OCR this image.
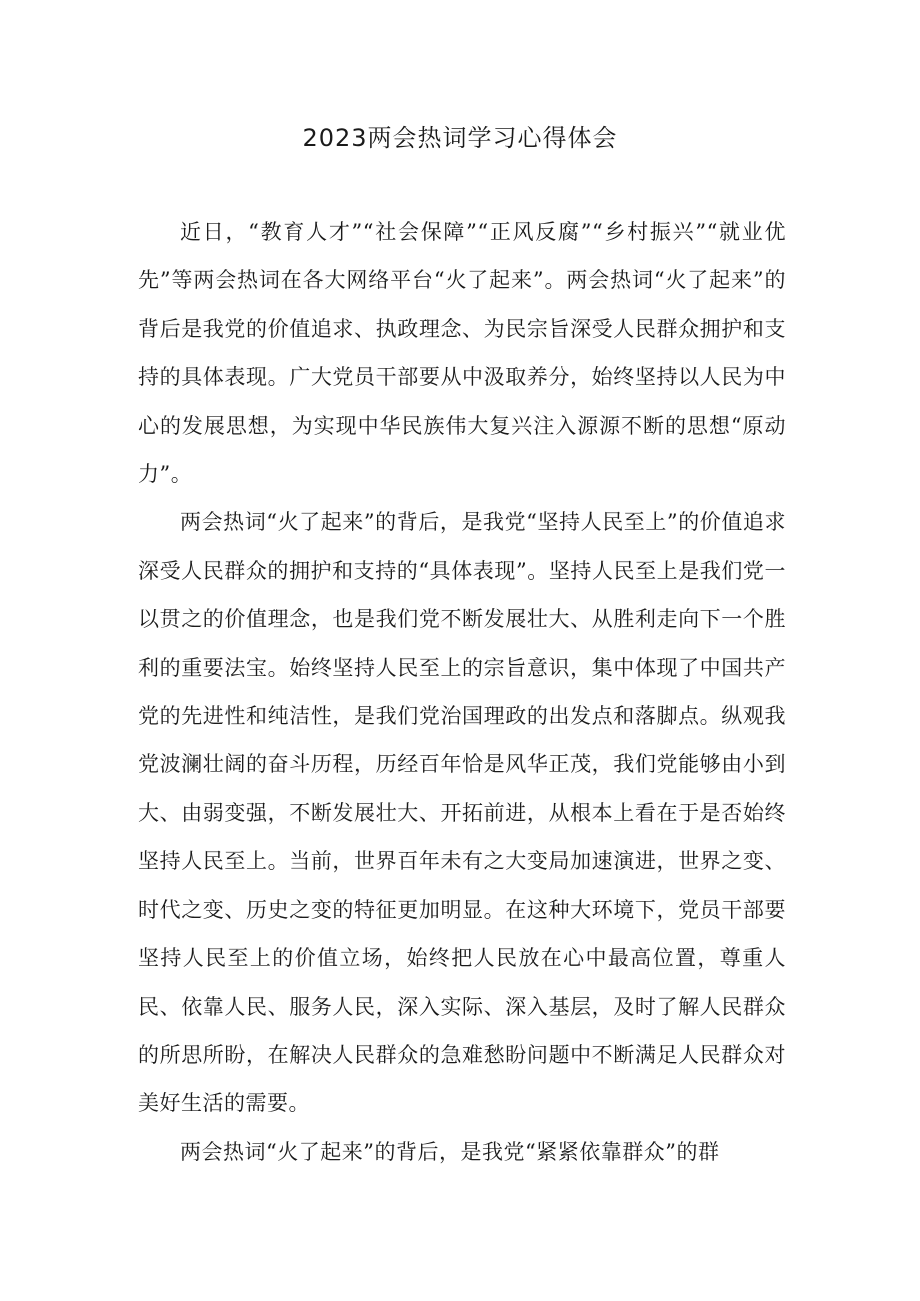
2023两会热词学习心得体会

近日，“教育人才”“社会保障”“正风反腐”“乡村振兴”“就业优先”等两会热词在各大网络平台“火了起来”。两会热词“火了起来”的背后是我党的价值追求、执政理念、为民宗旨深受人民群众拥护和支持的具体表现。广大党员干部要从中汲取养分，始终坚持以人民为中心的发展思想，为实现中华民族伟大复兴注入源源不断的思想“原动力”。

两会热词“火了起来”的背后，是我党“坚持人民至上”的价值追求深受人民群众的拥护和支持的“具体表现”。坚持人民至上是我们党一以贯之的价值理念，也是我们党不断发展壮大、从胜利走向下一个胜利的重要法宝。始终坚持人民至上的宗旨意识，集中体现了中国共产党的先进性和纯洁性，是我们党治国理政的出发点和落脚点。纵观我党波澜壮阔的奋斗历程，历经百年恰是风华正茂，我们党能够由小到大、由弱变强，不断发展壮大、开拓前进，从根本上看在于是否始终坚持人民至上。当前，世界百年未有之大变局加速演进，世界之变、时代之变、历史之变的特征更加明显。在这种大环境下，党员干部要坚持人民至上的价值立场，始终把人民放在心中最高位置，尊重人民、依靠人民、服务人民，深入实际、深入基层，及时了解人民群众的所思所盼，在解决人民群众的急难愁盼问题中不断满足人民群众对美好生活的需要。

两会热词“火了起来”的背后，是我党“紧紧依靠群众”的群
